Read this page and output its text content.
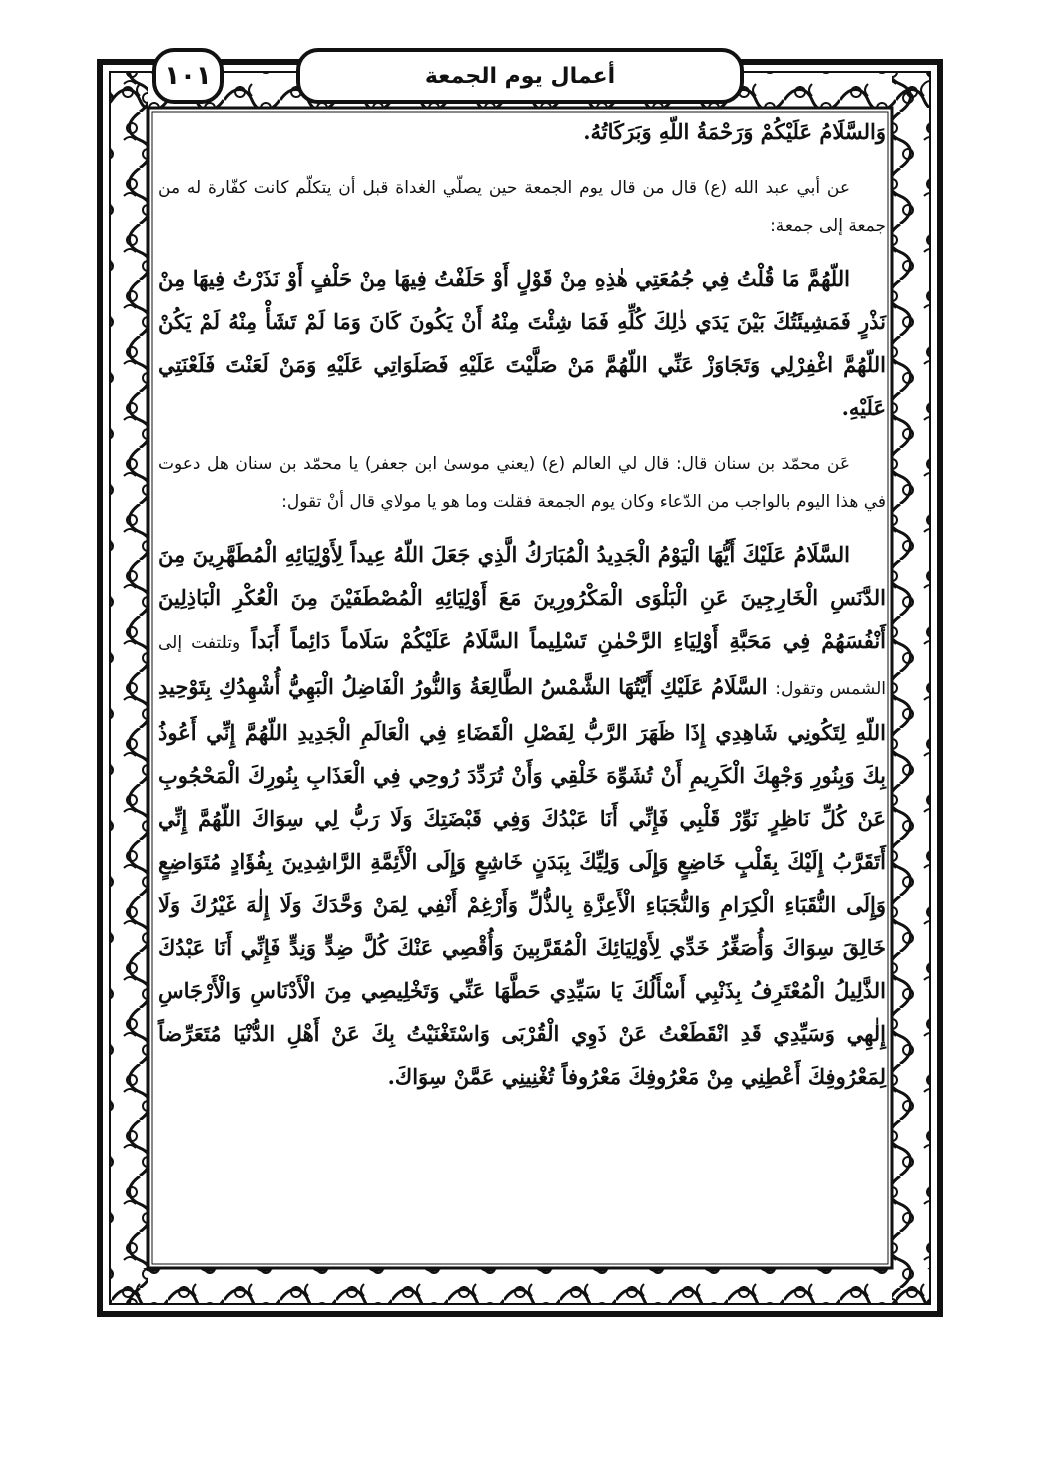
أعمال يوم الجمعة
١٠١

وَالسَّلَامُ عَلَيْكُمْ وَرَحْمَةُ اللّهِ وَبَرَكَاتُهُ.

عن أبي عبد الله (ع) قال من قال يوم الجمعة حين يصلّي الغداة قبل أن يتكلّم كانت كفّارة له من جمعة إلى جمعة:

اللّهُمَّ مَا قُلْتُ فِي جُمُعَتِي هٰذِهِ مِنْ قَوْلٍ أَوْ حَلَفْتُ فِيهَا مِنْ حَلْفٍ أَوْ نَذَرْتُ فِيهَا مِنْ نَذْرٍ فَمَشِيئَتُكَ بَيْنَ يَدَي ذٰلِكَ كُلِّهِ فَمَا شِئْتَ مِنْهُ أَنْ يَكُونَ كَانَ وَمَا لَمْ تَشَأْ مِنْهُ لَمْ يَكُنْ اللّهُمَّ اغْفِرْلِي وَتَجَاوَزْ عَنِّي اللّهُمَّ مَنْ صَلَّيْتَ عَلَيْهِ فَصَلَوَاتِي عَلَيْهِ وَمَنْ لَعَنْتَ فَلَعْنَتِي عَلَيْهِ.

عَن محمّد بن سنان قال: قال لي العالم (ع) (يعني موسىٰ ابن جعفر) يا محمّد بن سنان هل دعوت في هذا اليوم بالواجب من الدّعاء وكان يوم الجمعة فقلت وما هو يا مولاي قال أنْ تقول:

السَّلَامُ عَلَيْكَ أَيُّهَا الْيَوْمُ الْجَدِيدُ الْمُبَارَكُ الَّذِي جَعَلَ اللّهُ عِيداً لِأَوْلِيَائِهِ الْمُطَهَّرِينَ مِنَ الدَّنَسِ الْخَارِجِينَ عَنِ الْبَلْوَى الْمَكْرُورِينَ مَعَ أَوْلِيَائِهِ الْمُصْطَفَيْنَ مِنَ الْعُكْرِ الْبَاذِلِينَ أَنْفُسَهُمْ فِي مَحَبَّةِ أَوْلِيَاءِ الرَّحْمٰنِ تَسْلِيماً السَّلَامُ عَلَيْكُمْ سَلَاماً دَائِماً أَبَداً وتلتفت إلى الشمس وتقول: السَّلَامُ عَلَيْكِ أَيَّتُهَا الشَّمْسُ الطَّالِعَةُ وَالنُّورُ الْفَاضِلُ الْبَهِيُّ أُشْهِدُكِ بِتَوْحِيدِ اللّهِ لِتَكُونِي شَاهِدِي إِذَا ظَهَرَ الرَّبُّ لِفَصْلِ الْقَضَاءِ فِي الْعَالَمِ الْجَدِيدِ اللّهُمَّ إِنِّي أَعُوذُ بِكَ وَبِنُورِ وَجْهِكَ الْكَرِيمِ أَنْ تُشَوِّهَ خَلْقِي وَأَنْ تُرَدِّدَ رُوحِي فِي الْعَذَابِ بِنُورِكَ الْمَحْجُوبِ عَنْ كُلِّ نَاظِرٍ نَوِّرْ قَلْبِي فَإِنِّي أَنَا عَبْدُكَ وَفِي قَبْضَتِكَ وَلَا رَبُّ لِي سِوَاكَ اللّهُمَّ إِنِّي أَتَقَرَّبُ إِلَيْكَ بِقَلْبٍ خَاضِعٍ وَإِلَى وَلِيِّكَ بِبَدَنٍ خَاشِعٍ وَإِلَى الْأَئِمَّةِ الرَّاشِدِينَ بِفُؤَادٍ مُتَوَاضِعٍ وَإِلَى النُّقَبَاءِ الْكِرَامِ وَالنُّجَبَاءِ الْأَعِزَّةِ بِالذُّلِّ وَأَرْغِمْ أَنْفِي لِمَنْ وَحَّدَكَ وَلَا إِلٰهَ غَيْرُكَ وَلَا خَالِقَ سِوَاكَ وَأُصَغِّرُ خَدِّي لِأَوْلِيَائِكَ الْمُقَرَّبِينَ وَأُقْصِي عَنْكَ كُلَّ ضِدٍّ وَنِدٍّ فَإِنِّي أَنَا عَبْدُكَ الذَّلِيلُ الْمُعْتَرِفُ بِذَنْبِي أَسْأَلُكَ يَا سَيِّدِي حَطَّهَا عَنِّي وَتَخْلِيصِي مِنَ الْأَدْنَاسِ وَالْأَرْجَاسِ إِلٰهِي وَسَيِّدِي قَدِ انْقَطَعْتُ عَنْ ذَوِي الْقُرْبَى وَاسْتَغْنَيْتُ بِكَ عَنْ أَهْلِ الدُّنْيَا مُتَعَرِّضاً لِمَعْرُوفِكَ أَعْطِنِي مِنْ مَعْرُوفِكَ مَعْرُوفاً تُغْنِينِي عَمَّنْ سِوَاكَ.
